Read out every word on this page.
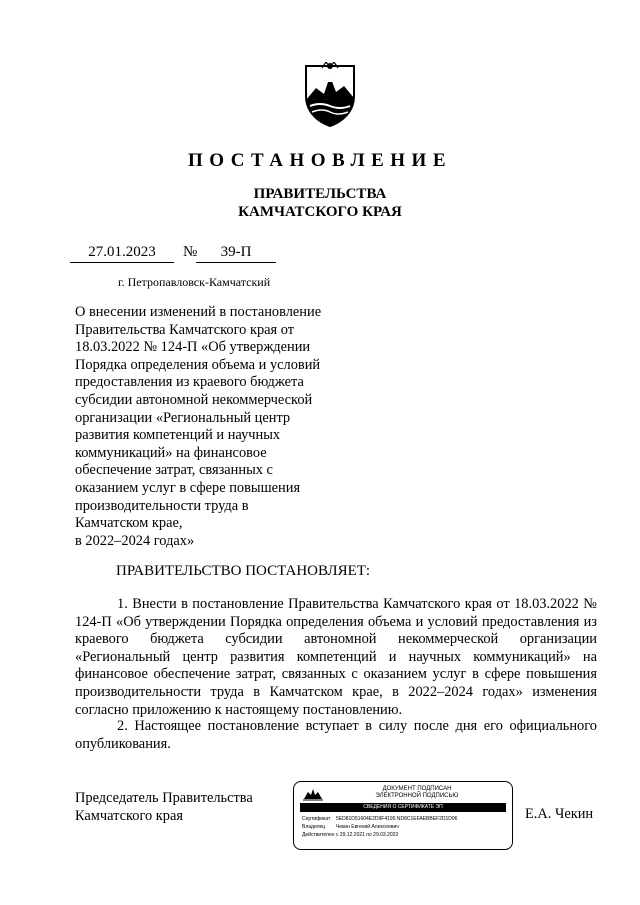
ПОСТАНОВЛЕНИЕ
ПРАВИТЕЛЬСТВА
КАМЧАТСКОГО КРАЯ
27.01.2023	№	39-П
г. Петропавловск-Камчатский
О внесении изменений в постановление
Правительства Камчатского края от
18.03.2022 № 124-П «Об утверждении
Порядка определения объема и условий
предоставления из краевого бюджета
субсидии автономной некоммерческой
организации «Региональный центр
развития компетенций и научных
коммуникаций» на финансовое
обеспечение затрат, связанных с
оказанием услуг в сфере повышения
производительности труда в
Камчатском крае,
в 2022–2024 годах»
ПРАВИТЕЛЬСТВО ПОСТАНОВЛЯЕТ:
1. Внести в постановление Правительства Камчатского края от 18.03.2022 № 124-П «Об утверждении Порядка определения объема и условий предоставления из краевого бюджета субсидии автономной некоммерческой организации «Региональный центр развития компетенций и научных коммуникаций» на финансовое обеспечение затрат, связанных с оказанием услуг в сфере повышения производительности труда в Камчатском крае, в 2022–2024 годах» изменения согласно приложению к настоящему постановлению.
2. Настоящее постановление вступает в силу после дня его официального опубликования.
Председатель Правительства
Камчатского края
ДОКУМЕНТ ПОДПИСАН
ЭЛЕКТРОННОЙ ПОДПИСЬЮ
СВЕДЕНИЯ О СЕРТИФИКАТЕ ЭП
Сертификат 5ED81D51604E2D9F4195 ND8C1EFAEBBEF2D1D96
Владелец Чекин Евгений Алексеевич
Действителенс 29.12.2021 по 29.03.2023
Е.А. Чекин
